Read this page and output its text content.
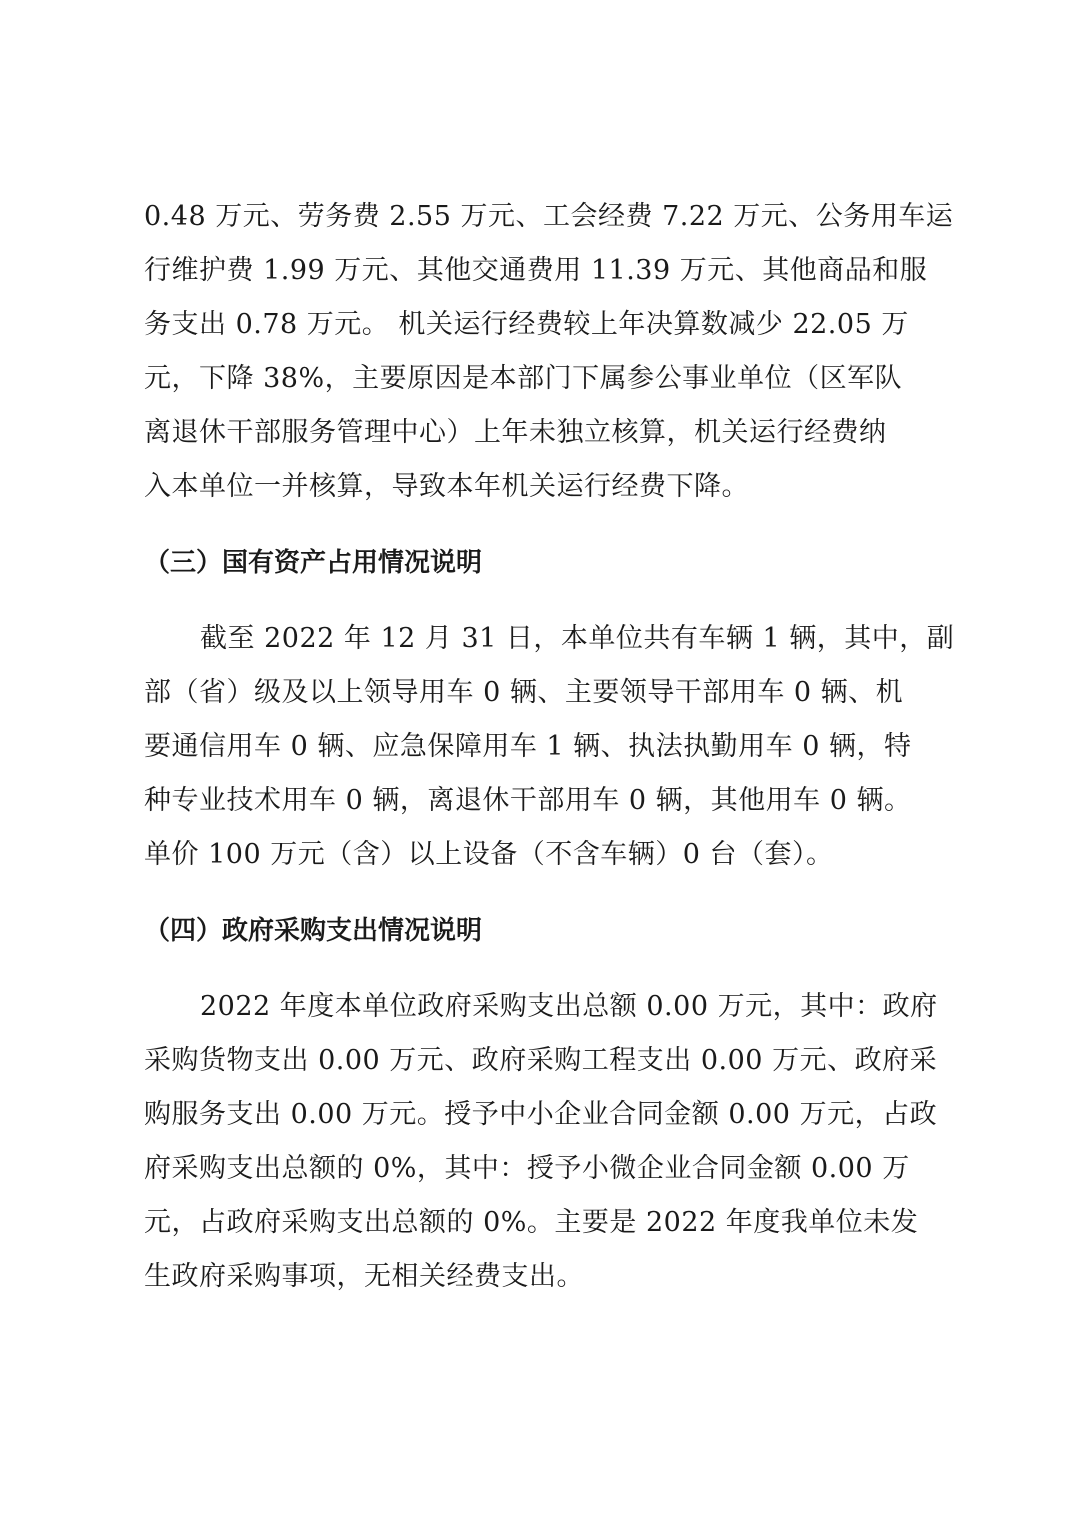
0.48 万元、劳务费 2.55 万元、工会经费 7.22 万元、公务用车运
行维护费 1.99 万元、其他交通费用 11.39 万元、其他商品和服
务支出 0.78 万元。 机关运行经费较上年决算数减少 22.05 万
元，下降 38%，主要原因是本部门下属参公事业单位（区军队
离退休干部服务管理中心）上年未独立核算，机关运行经费纳
入本单位一并核算，导致本年机关运行经费下降。
（三）国有资产占用情况说明
截至 2022 年 12 月 31 日，本单位共有车辆 1 辆，其中，副
部（省）级及以上领导用车 0 辆、主要领导干部用车 0 辆、机
要通信用车 0 辆、应急保障用车 1 辆、执法执勤用车 0 辆，特
种专业技术用车 0 辆，离退休干部用车 0 辆，其他用车 0 辆。
单价 100 万元（含）以上设备（不含车辆）0 台（套）。
（四）政府采购支出情况说明
2022 年度本单位政府采购支出总额 0.00 万元，其中：政府
采购货物支出 0.00 万元、政府采购工程支出 0.00 万元、政府采
购服务支出 0.00 万元。授予中小企业合同金额 0.00 万元，占政
府采购支出总额的 0%，其中：授予小微企业合同金额 0.00 万
元，占政府采购支出总额的 0%。主要是 2022 年度我单位未发
生政府采购事项，无相关经费支出。
